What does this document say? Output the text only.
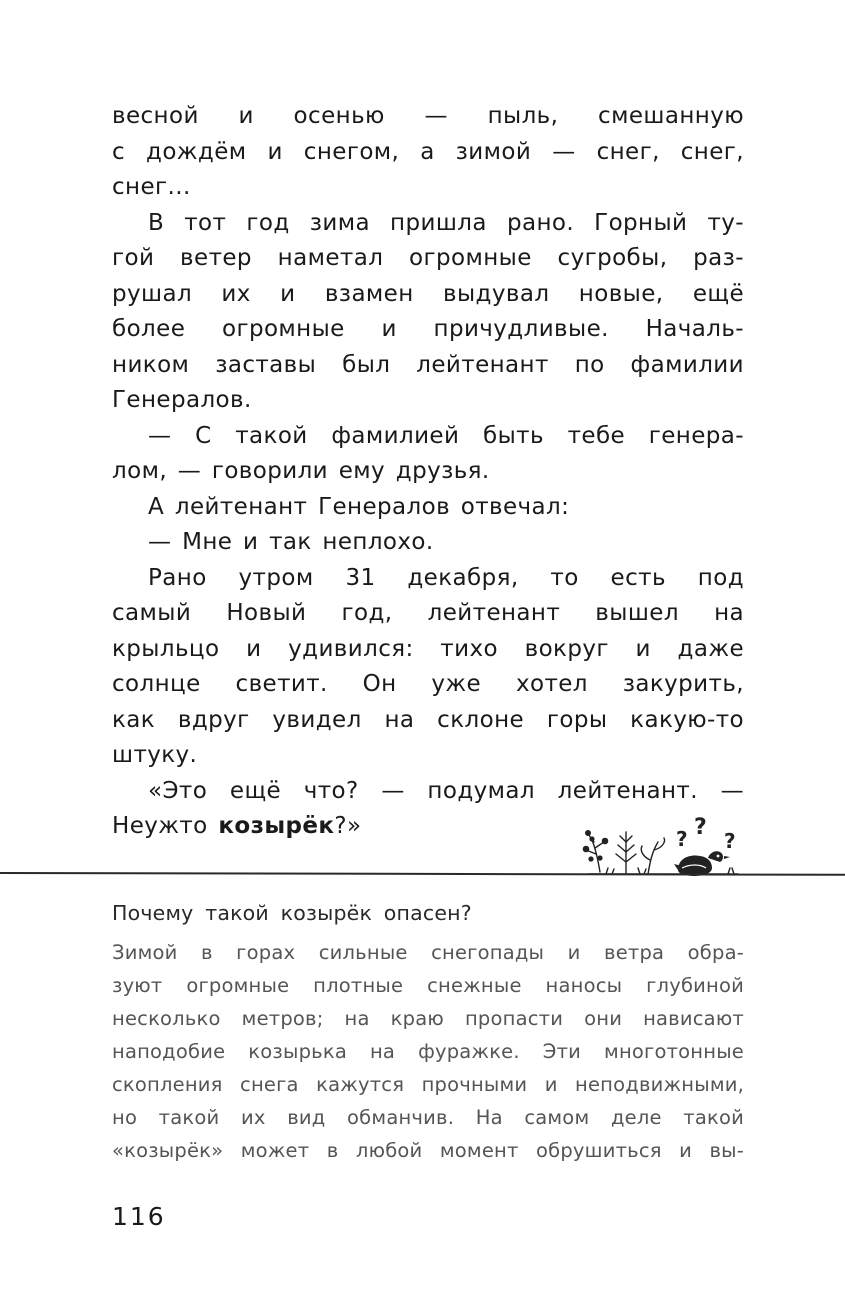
весной и осенью — пыль, смешанную

с дождём и снегом, а зимой — снег, снег,

снег...

В тот год зима пришла рано. Горный ту-

гой ветер наметал огромные сугробы, раз-

рушал их и взамен выдувал новые, ещё

более огромные и причудливые. Началь-

ником заставы был лейтенант по фамилии

Генералов.

— С такой фамилией быть тебе генера-

лом, — говорили ему друзья.

А лейтенант Генералов отвечал:

— Мне и так неплохо.

Рано утром 31 декабря, то есть под

самый Новый год, лейтенант вышел на

крыльцо и удивился: тихо вокруг и даже

солнце светит. Он уже хотел закурить,

как вдруг увидел на склоне горы какую-то

штуку.

«Это ещё что? — подумал лейтенант. —

Неужто козырёк?»	? ?
?
Почему такой козырёк опасен?

Зимой в горах сильные снегопады и ветра обра-

зуют огромные плотные снежные наносы глубиной

несколько метров; на краю пропасти они нависают

наподобие козырька на фуражке. Эти многотонные

скопления снега кажутся прочными и неподвижными,

но такой их вид обманчив. На самом деле такой

«козырёк» может в любой момент обрушиться и вы-

116
